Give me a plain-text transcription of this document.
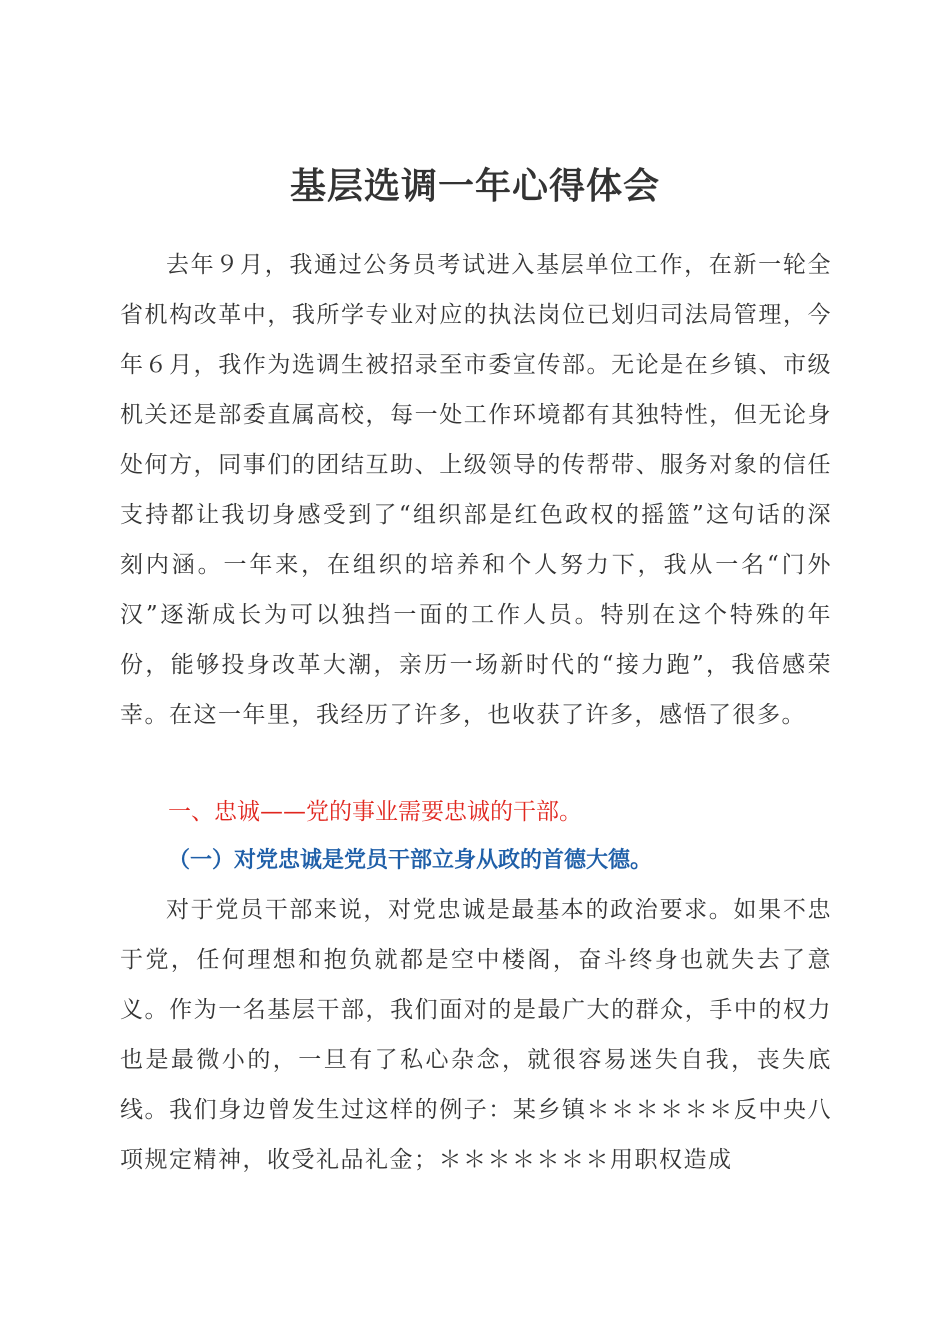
基层选调一年心得体会

去年９月，我通过公务员考试进入基层单位工作，在新一轮全省机构改革中，我所学专业对应的执法岗位已划归司法局管理，今年６月，我作为选调生被招录至市委宣传部。无论是在乡镇、市级机关还是部委直属高校，每一处工作环境都有其独特性，但无论身处何方，同事们的团结互助、上级领导的传帮带、服务对象的信任支持都让我切身感受到了“组织部是红色政权的摇篮”这句话的深刻内涵。一年来，在组织的培养和个人努力下，我从一名“门外汉”逐渐成长为可以独挡一面的工作人员。特别在这个特殊的年份，能够投身改革大潮，亲历一场新时代的“接力跑”，我倍感荣幸。在这一年里，我经历了许多，也收获了许多，感悟了很多。

一、忠诚——党的事业需要忠诚的干部。
（一）对党忠诚是党员干部立身从政的首德大德。

对于党员干部来说，对党忠诚是最基本的政治要求。如果不忠于党，任何理想和抱负就都是空中楼阁，奋斗终身也就失去了意义。作为一名基层干部，我们面对的是最广大的群众，手中的权力也是最微小的，一旦有了私心杂念，就很容易迷失自我，丧失底线。我们身边曾发生过这样的例子：某乡镇＊＊＊＊＊＊反中央八项规定精神，收受礼品礼金；＊＊＊＊＊＊＊用职权造成
